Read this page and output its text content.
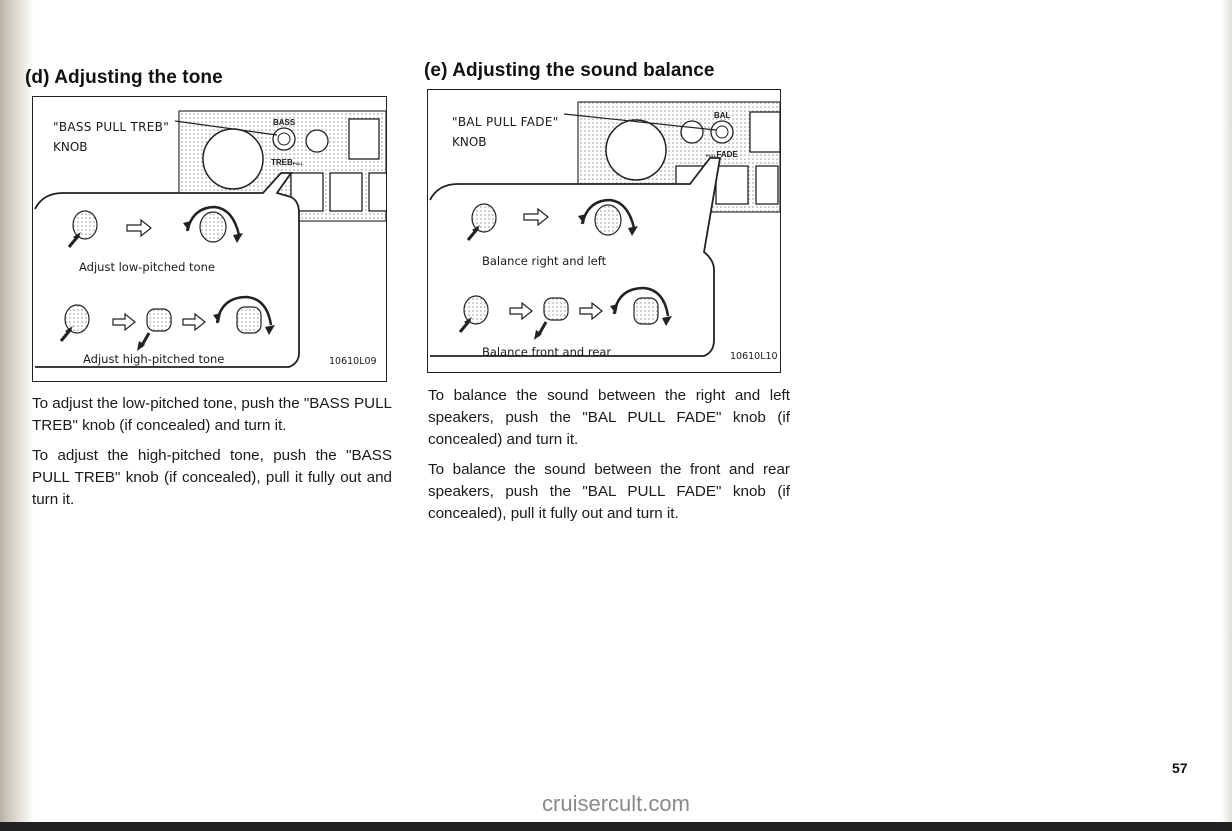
(d) Adjusting the tone
"BASS PULL TREB"
KNOB
BASS
TREBPULL
Adjust low-pitched tone
Adjust high-pitched tone	10610L09

To adjust the low-pitched tone, push the "BASS PULL TREB" knob (if concealed) and turn it.

To adjust the high-pitched tone, push the "BASS PULL TREB" knob (if concealed), pull it fully out and turn it.

(e) Adjusting the sound balance
"BAL PULL FADE"
KNOB
BAL
PULLFADE
Balance right and left
Balance front and rear	10610L10

To balance the sound between the right and left speakers, push the "BAL PULL FADE" knob (if concealed) and turn it.

To balance the sound between the front and rear speakers, push the "BAL PULL FADE" knob (if concealed), pull it fully out and turn it.

57
cruisercult.com
